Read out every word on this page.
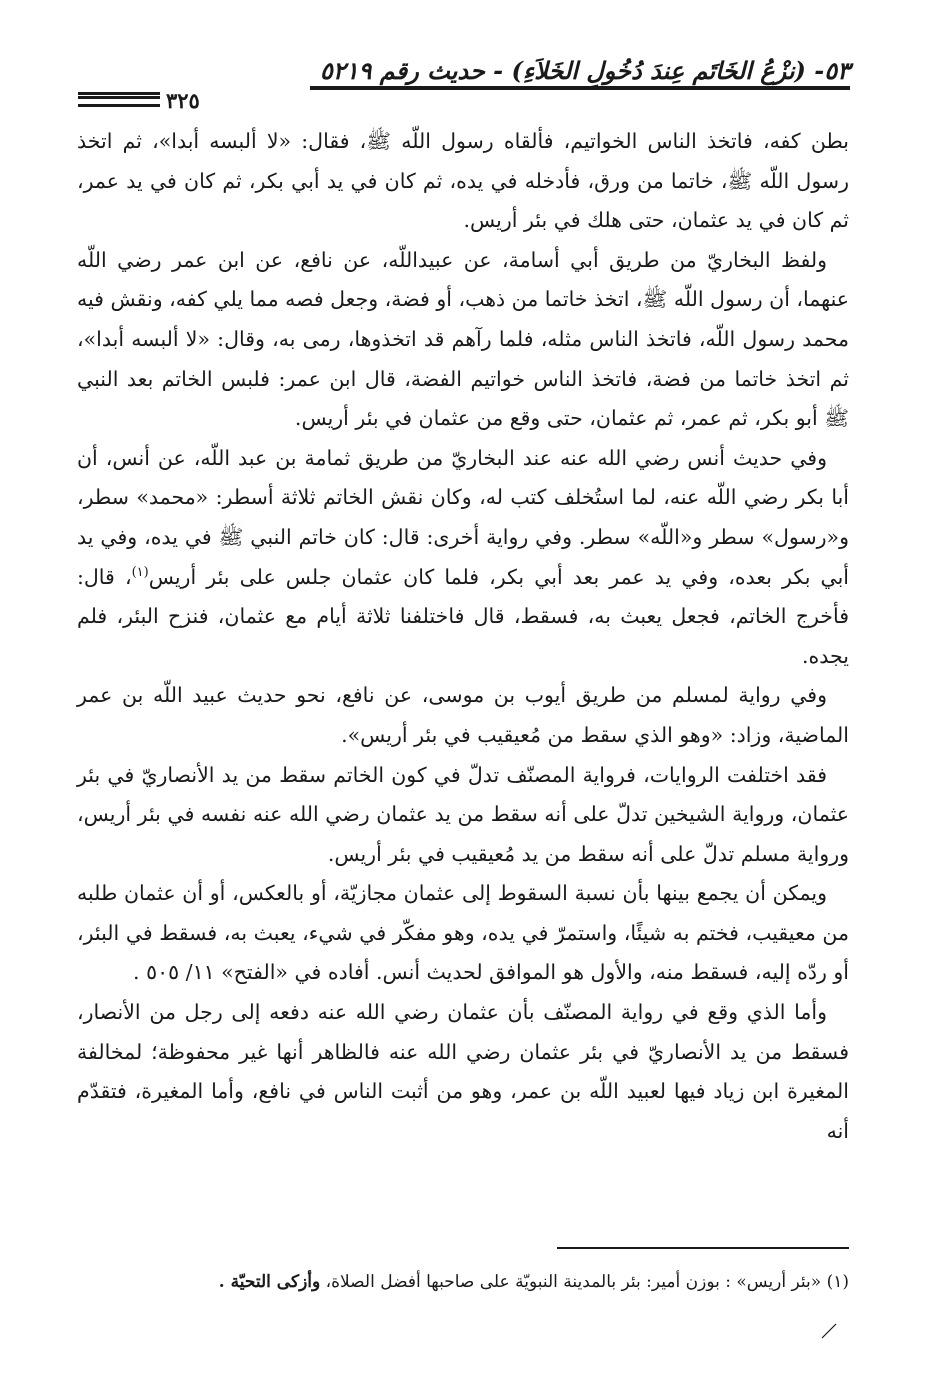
٥٣- (نزْعُ الخَاتَمِ عِندَ دُخُولِ الخَلاَءِ) - حديث رقم ٥٢١٩
٣٢٥

بطن كفه، فاتخذ الناس الخواتيم، فألقاه رسول اللّه ﷺ، فقال: «لا ألبسه أبدا»، ثم اتخذ رسول اللّه ﷺ، خاتما من ورق، فأدخله في يده، ثم كان في يد أبي بكر، ثم كان في يد عمر، ثم كان في يد عثمان، حتى هلك في بئر أريس.

ولفظ البخاريّ من طريق أبي أسامة، عن عبيداللّه، عن نافع، عن ابن عمر رضي اللّه عنهما، أن رسول اللّه ﷺ، اتخذ خاتما من ذهب، أو فضة، وجعل فصه مما يلي كفه، ونقش فيه محمد رسول اللّه، فاتخذ الناس مثله، فلما رآهم قد اتخذوها، رمى به، وقال: «لا ألبسه أبدا»، ثم اتخذ خاتما من فضة، فاتخذ الناس خواتيم الفضة، قال ابن عمر: فلبس الخاتم بعد النبي ﷺ أبو بكر، ثم عمر، ثم عثمان، حتى وقع من عثمان في بئر أريس.

وفي حديث أنس رضي الله عنه عند البخاريّ من طريق ثمامة بن عبد اللّه، عن أنس، أن أبا بكر رضي اللّه عنه، لما استُخلف كتب له، وكان نقش الخاتم ثلاثة أسطر: «محمد» سطر، و«رسول» سطر و«اللّه» سطر. وفي رواية أخرى: قال: كان خاتم النبي ﷺ في يده، وفي يد أبي بكر بعده، وفي يد عمر بعد أبي بكر، فلما كان عثمان جلس على بئر أريس$^{(١)}$، قال: فأخرج الخاتم، فجعل يعبث به، فسقط، قال فاختلفنا ثلاثة أيام مع عثمان، فنزح البئر، فلم يجده.

وفي رواية لمسلم من طريق أيوب بن موسى، عن نافع، نحو حديث عبيد اللّه بن عمر الماضية، وزاد: «وهو الذي سقط من مُعيقيب في بئر أريس».

فقد اختلفت الروايات، فرواية المصنّف تدلّ في كون الخاتم سقط من يد الأنصاريّ في بئر عثمان، ورواية الشيخين تدلّ على أنه سقط من يد عثمان رضي الله عنه نفسه في بئر أريس، ورواية مسلم تدلّ على أنه سقط من يد مُعيقيب في بئر أريس.

ويمكن أن يجمع بينها بأن نسبة السقوط إلى عثمان مجازيّة، أو بالعكس، أو أن عثمان طلبه من معيقيب، فختم به شيئًا، واستمرّ في يده، وهو مفكّر في شيء، يعبث به، فسقط في البئر، أو ردّه إليه، فسقط منه، والأول هو الموافق لحديث أنس. أفاده في «الفتح» ١١/ ٥٠٥ .

وأما الذي وقع في رواية المصنّف بأن عثمان رضي الله عنه دفعه إلى رجل من الأنصار، فسقط من يد الأنصاريّ في بئر عثمان رضي الله عنه فالظاهر أنها غير محفوظة؛ لمخالفة المغيرة ابن زياد فيها لعبيد اللّه بن عمر، وهو من أثبت الناس في نافع، وأما المغيرة، فتقدّم أنه

(١) «بئر أريس» : بوزن أمير: بئر بالمدينة النبويّة على صاحبها أفضل الصلاة، وأزكى التحيّة .
